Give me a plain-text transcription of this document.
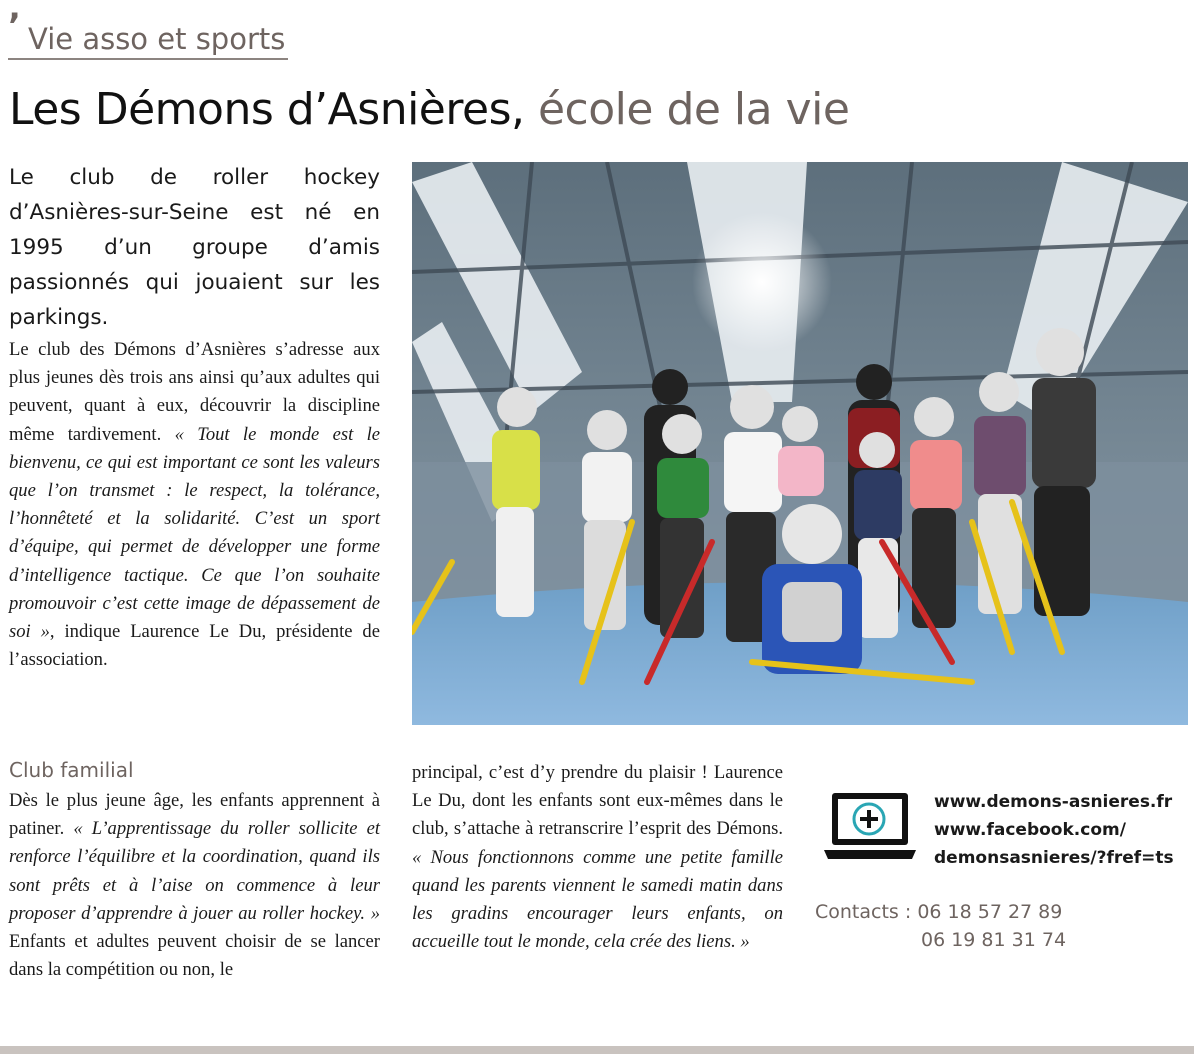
’ Vie asso et sports
Les Démons d’Asnières, école de la vie
Le club de roller hockey d’Asnières-sur-Seine est né en 1995 d’un groupe d’amis passionnés qui jouaient sur les parkings.
Le club des Démons d’Asnières s’adresse aux plus jeunes dès trois ans ainsi qu’aux adultes qui peuvent, quant à eux, découvrir la discipline même tardivement. « Tout le monde est le bienvenu, ce qui est important ce sont les valeurs que l’on transmet : le respect, la tolérance, l’honnêteté et la solidarité. C’est un sport d’équipe, qui permet de développer une forme d’intelligence tactique. Ce que l’on souhaite promouvoir c’est cette image de dépassement de soi », indique Laurence Le Du, présidente de l’association.
Club familial
Dès le plus jeune âge, les enfants apprennent à patiner. « L’apprentissage du roller sollicite et renforce l’équilibre et la coordination, quand ils sont prêts et à l’aise on commence à leur proposer d’apprendre à jouer au roller hockey. » Enfants et adultes peuvent choisir de se lancer dans la compétition ou non, le
principal, c’est d’y prendre du plaisir ! Laurence Le Du, dont les enfants sont eux-mêmes dans le club, s’attache à retranscrire l’esprit des Démons. « Nous fonctionnons comme une petite famille quand les parents viennent le samedi matin dans les gradins encourager leurs enfants, on accueille tout le monde, cela crée des liens. »
www.demons-asnieres.fr
www.facebook.com/
demonsasnieres/?fref=ts
Contacts : 06 18 57 27 89
06 19 81 31 74
